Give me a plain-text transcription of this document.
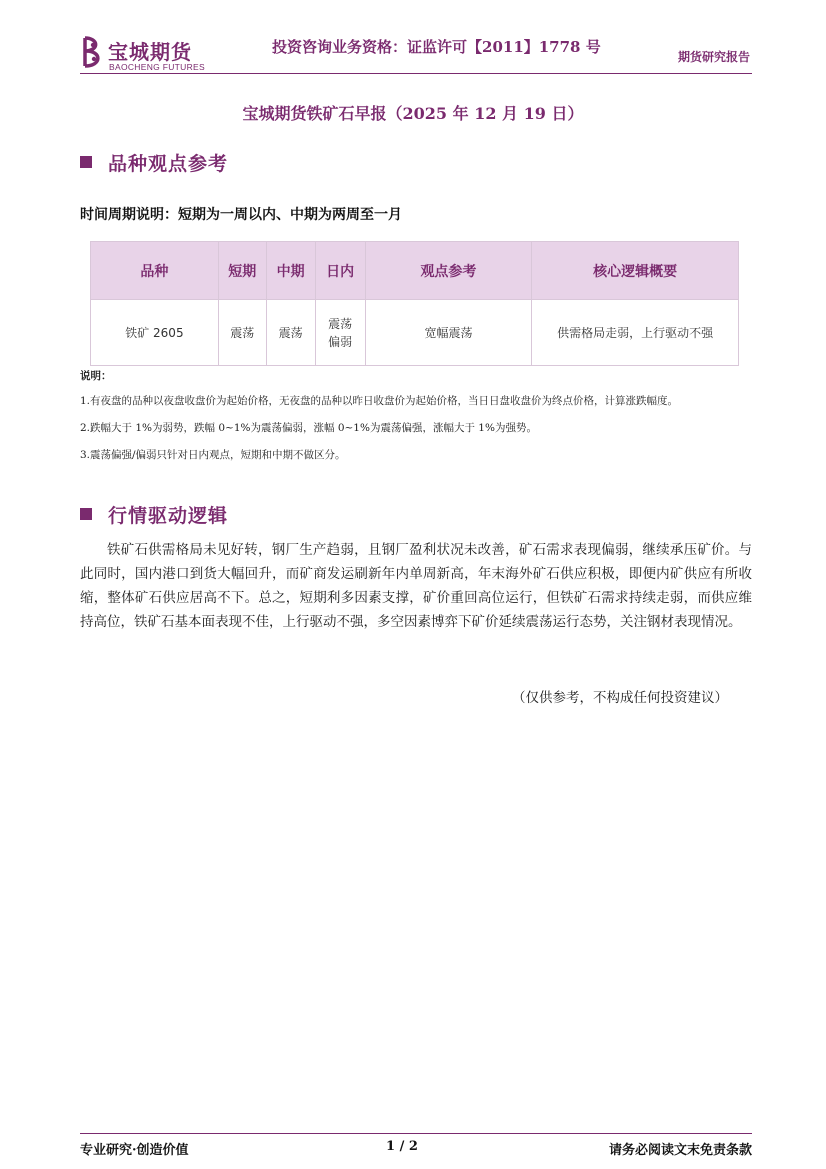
宝城期货
BAOCHENG FUTURES
投资咨询业务资格：证监许可【2011】1778 号
期货研究报告
宝城期货铁矿石早报（2025 年 12 月 19 日）
品种观点参考
时间周期说明：短期为一周以内、中期为两周至一月
品种	短期	中期	日内	观点参考	核心逻辑概要
铁矿 2605	震荡	震荡	震荡偏弱	宽幅震荡	供需格局走弱，上行驱动不强
说明：

1.有夜盘的品种以夜盘收盘价为起始价格，无夜盘的品种以昨日收盘价为起始价格，当日日盘收盘价为终点价格，计算涨跌幅度。

2.跌幅大于 1%为弱势，跌幅 0~1%为震荡偏弱，涨幅 0~1%为震荡偏强，涨幅大于 1%为强势。

3.震荡偏强/偏弱只针对日内观点，短期和中期不做区分。

行情驱动逻辑
铁矿石供需格局未见好转，钢厂生产趋弱，且钢厂盈利状况未改善，矿石需求表现偏弱，继续承压矿价。与此同时，国内港口到货大幅回升，而矿商发运刷新年内单周新高，年末海外矿石供应积极，即便内矿供应有所收缩，整体矿石供应居高不下。总之，短期利多因素支撑，矿价重回高位运行，但铁矿石需求持续走弱，而供应维持高位，铁矿石基本面表现不佳，上行驱动不强，多空因素博弈下矿价延续震荡运行态势，关注钢材表现情况。
（仅供参考，不构成任何投资建议）
专业研究·创造价值	1 / 2	请务必阅读文末免责条款
